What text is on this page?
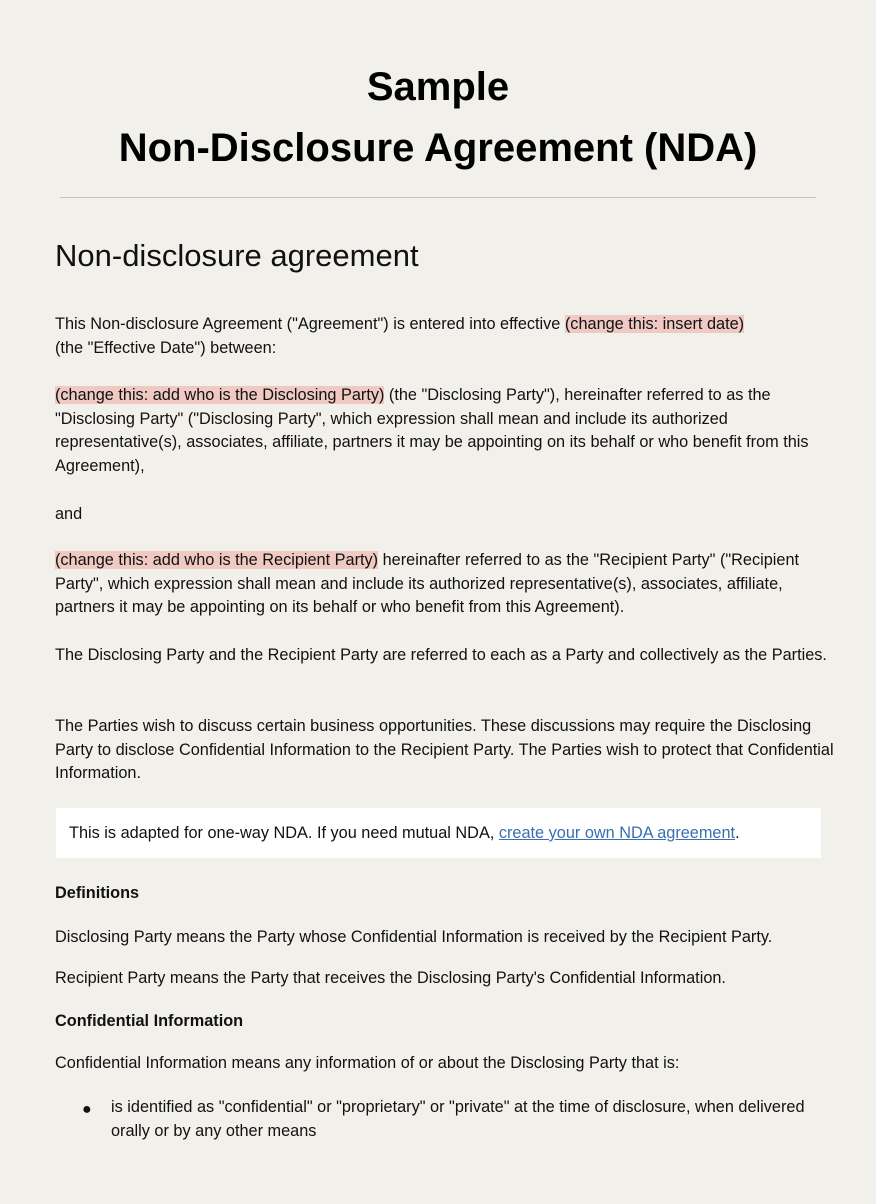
Sample
Non-Disclosure Agreement (NDA)
Non-disclosure agreement

This Non-disclosure Agreement ("Agreement") is entered into effective (change this: insert date)
(the "Effective Date") between:

(change this: add who is the Disclosing Party) (the "Disclosing Party"), hereinafter referred to as the "Disclosing Party" ("Disclosing Party", which expression shall mean and include its authorized representative(s), associates, affiliate, partners it may be appointing on its behalf or who benefit from this Agreement),

and

(change this: add who is the Recipient Party) hereinafter referred to as the "Recipient Party" ("Recipient Party", which expression shall mean and include its authorized representative(s), associates, affiliate, partners it may be appointing on its behalf or who benefit from this Agreement).

The Disclosing Party and the Recipient Party are referred to each as a Party and collectively as the Parties.

The Parties wish to discuss certain business opportunities. These discussions may require the Disclosing Party to disclose Confidential Information to the Recipient Party. The Parties wish to protect that Confidential Information.

This is adapted for one-way NDA. If you need mutual NDA, create your own NDA agreement.

Definitions

Disclosing Party means the Party whose Confidential Information is received by the Recipient Party.

Recipient Party means the Party that receives the Disclosing Party's Confidential Information.

Confidential Information

Confidential Information means any information of or about the Disclosing Party that is:

● is identified as "confidential" or "proprietary" or "private" at the time of disclosure, when delivered orally or by any other means
